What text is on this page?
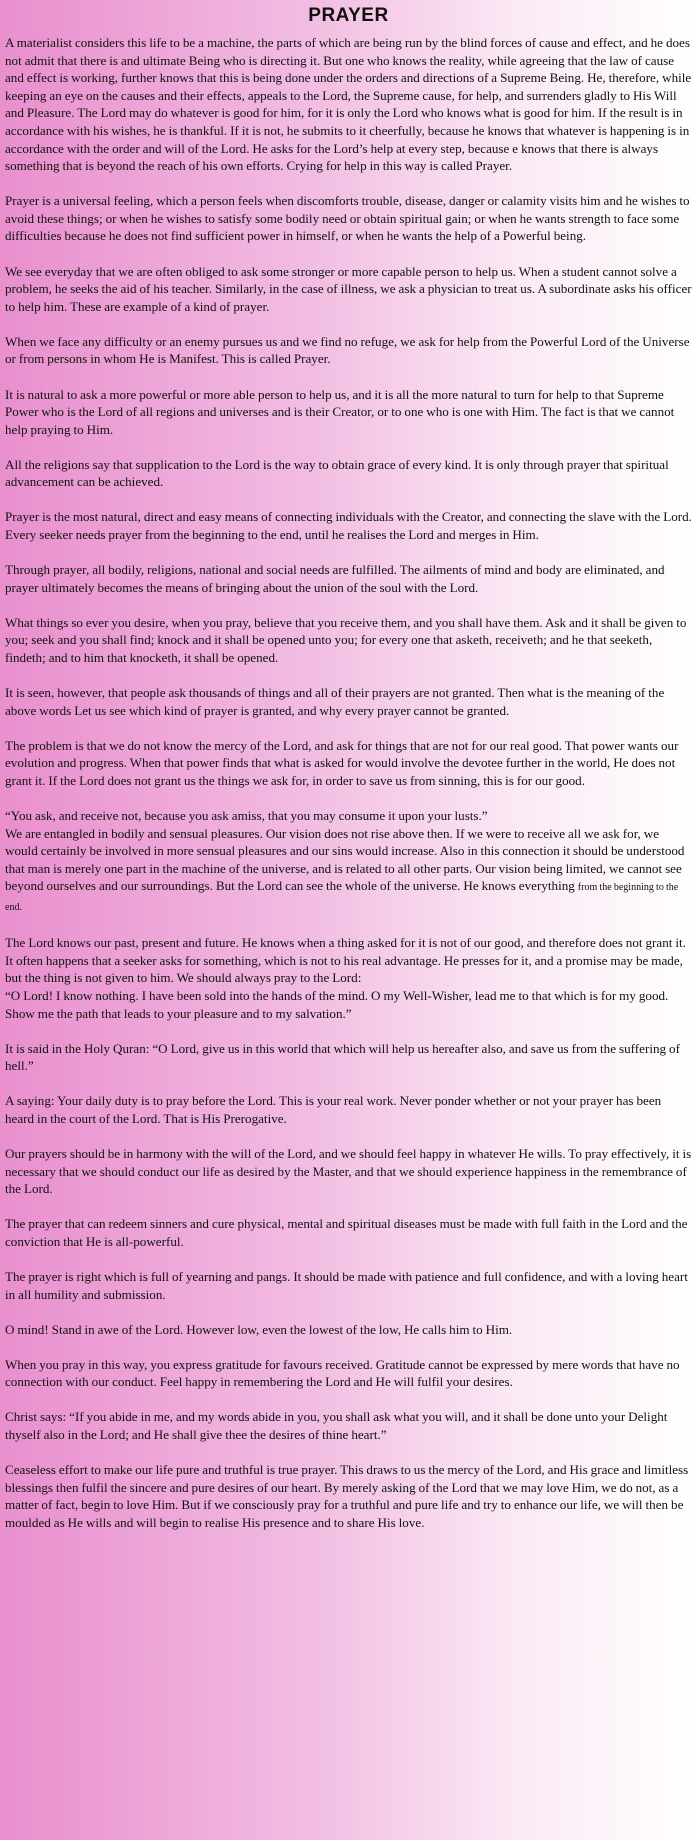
PRAYER

A materialist considers this life to be a machine, the parts of which are being run by the blind forces of cause and effect, and he does not admit that there is and ultimate Being who is directing it. But one who knows the reality, while agreeing that the law of cause and effect is working, further knows that this is being done under the orders and directions of a Supreme Being. He, therefore, while keeping an eye on the causes and their effects, appeals to the Lord, the Supreme cause, for help, and surrenders gladly to His Will and Pleasure. The Lord may do whatever is good for him, for it is only the Lord who knows what is good for him. If the result is in accordance with his wishes, he is thankful. If it is not, he submits to it cheerfully, because he knows that whatever is happening is in accordance with the order and will of the Lord. He asks for the Lord’s help at every step, because e knows that there is always something that is beyond the reach of his own efforts. Crying for help in this way is called Prayer.

Prayer is a universal feeling, which a person feels when discomforts trouble, disease, danger or calamity visits him and he wishes to avoid these things; or when he wishes to satisfy some bodily need or obtain spiritual gain; or when he wants strength to face some difficulties because he does not find sufficient power in himself, or when he wants the help of a Powerful being.

We see everyday that we are often obliged to ask some stronger or more capable person to help us. When a student cannot solve a problem, he seeks the aid of his teacher. Similarly, in the case of illness, we ask a physician to treat us. A subordinate asks his officer to help him. These are example of a kind of prayer.

When we face any difficulty or an enemy pursues us and we find no refuge, we ask for help from the Powerful Lord of the Universe or from persons in whom He is Manifest. This is called Prayer.

It is natural to ask a more powerful or more able person to help us, and it is all the more natural to turn for help to that Supreme Power who is the Lord of all regions and universes and is their Creator, or to one who is one with Him. The fact is that we cannot help praying to Him.

All the religions say that supplication to the Lord is the way to obtain grace of every kind. It is only through prayer that spiritual advancement can be achieved.

Prayer is the most natural, direct and easy means of connecting individuals with the Creator, and connecting the slave with the Lord. Every seeker needs prayer from the beginning to the end, until he realises the Lord and merges in Him.

Through prayer, all bodily, religions, national and social needs are fulfilled. The ailments of mind and body are eliminated, and prayer ultimately becomes the means of bringing about the union of the soul with the Lord.

What things so ever you desire, when you pray, believe that you receive them, and you shall have them. Ask and it shall be given to you; seek and you shall find; knock and it shall be opened unto you; for every one that asketh, receiveth; and he that seeketh, findeth; and to him that knocketh, it shall be opened.

It is seen, however, that people ask thousands of things and all of their prayers are not granted. Then what is the meaning of the above words Let us see which kind of prayer is granted, and why every prayer cannot be granted.

The problem is that we do not know the mercy of the Lord, and ask for things that are not for our real good. That power wants our evolution and progress. When that power finds that what is asked for would involve the devotee further in the world, He does not grant it. If the Lord does not grant us the things we ask for, in order to save us from sinning, this is for our good.

“You ask, and receive not, because you ask amiss, that you may consume it upon your lusts.”

We are entangled in bodily and sensual pleasures. Our vision does not rise above then. If we were to receive all we ask for, we would certainly be involved in more sensual pleasures and our sins would increase. Also in this connection it should be understood that man is merely one part in the machine of the universe, and is related to all other parts. Our vision being limited, we cannot see beyond ourselves and our surroundings. But the Lord can see the whole of the universe. He knows everything from the beginning to the end.

The Lord knows our past, present and future. He knows when a thing asked for it is not of our good, and therefore does not grant it. It often happens that a seeker asks for something, which is not to his real advantage. He presses for it, and a promise may be made, but the thing is not given to him. We should always pray to the Lord:

“O Lord! I know nothing. I have been sold into the hands of the mind. O my Well-Wisher, lead me to that which is for my good. Show me the path that leads to your pleasure and to my salvation.”

It is said in the Holy Quran: “O Lord, give us in this world that which will help us hereafter also, and save us from the suffering of hell.”

A saying: Your daily duty is to pray before the Lord. This is your real work. Never ponder whether or not your prayer has been heard in the court of the Lord. That is His Prerogative.

Our prayers should be in harmony with the will of the Lord, and we should feel happy in whatever He wills. To pray effectively, it is necessary that we should conduct our life as desired by the Master, and that we should experience happiness in the remembrance of the Lord.

The prayer that can redeem sinners and cure physical, mental and spiritual diseases must be made with full faith in the Lord and the conviction that He is all-powerful.

The prayer is right which is full of yearning and pangs. It should be made with patience and full confidence, and with a loving heart in all humility and submission.

O mind! Stand in awe of the Lord. However low, even the lowest of the low, He calls him to Him.

When you pray in this way, you express gratitude for favours received. Gratitude cannot be expressed by mere words that have no connection with our conduct. Feel happy in remembering the Lord and He will fulfil your desires.

Christ says: “If you abide in me, and my words abide in you, you shall ask what you will, and it shall be done unto your Delight thyself also in the Lord; and He shall give thee the desires of thine heart.”

Ceaseless effort to make our life pure and truthful is true prayer. This draws to us the mercy of the Lord, and His grace and limitless blessings then fulfil the sincere and pure desires of our heart. By merely asking of the Lord that we may love Him, we do not, as a matter of fact, begin to love Him. But if we consciously pray for a truthful and pure life and try to enhance our life, we will then be moulded as He wills and will begin to realise His presence and to share His love.
